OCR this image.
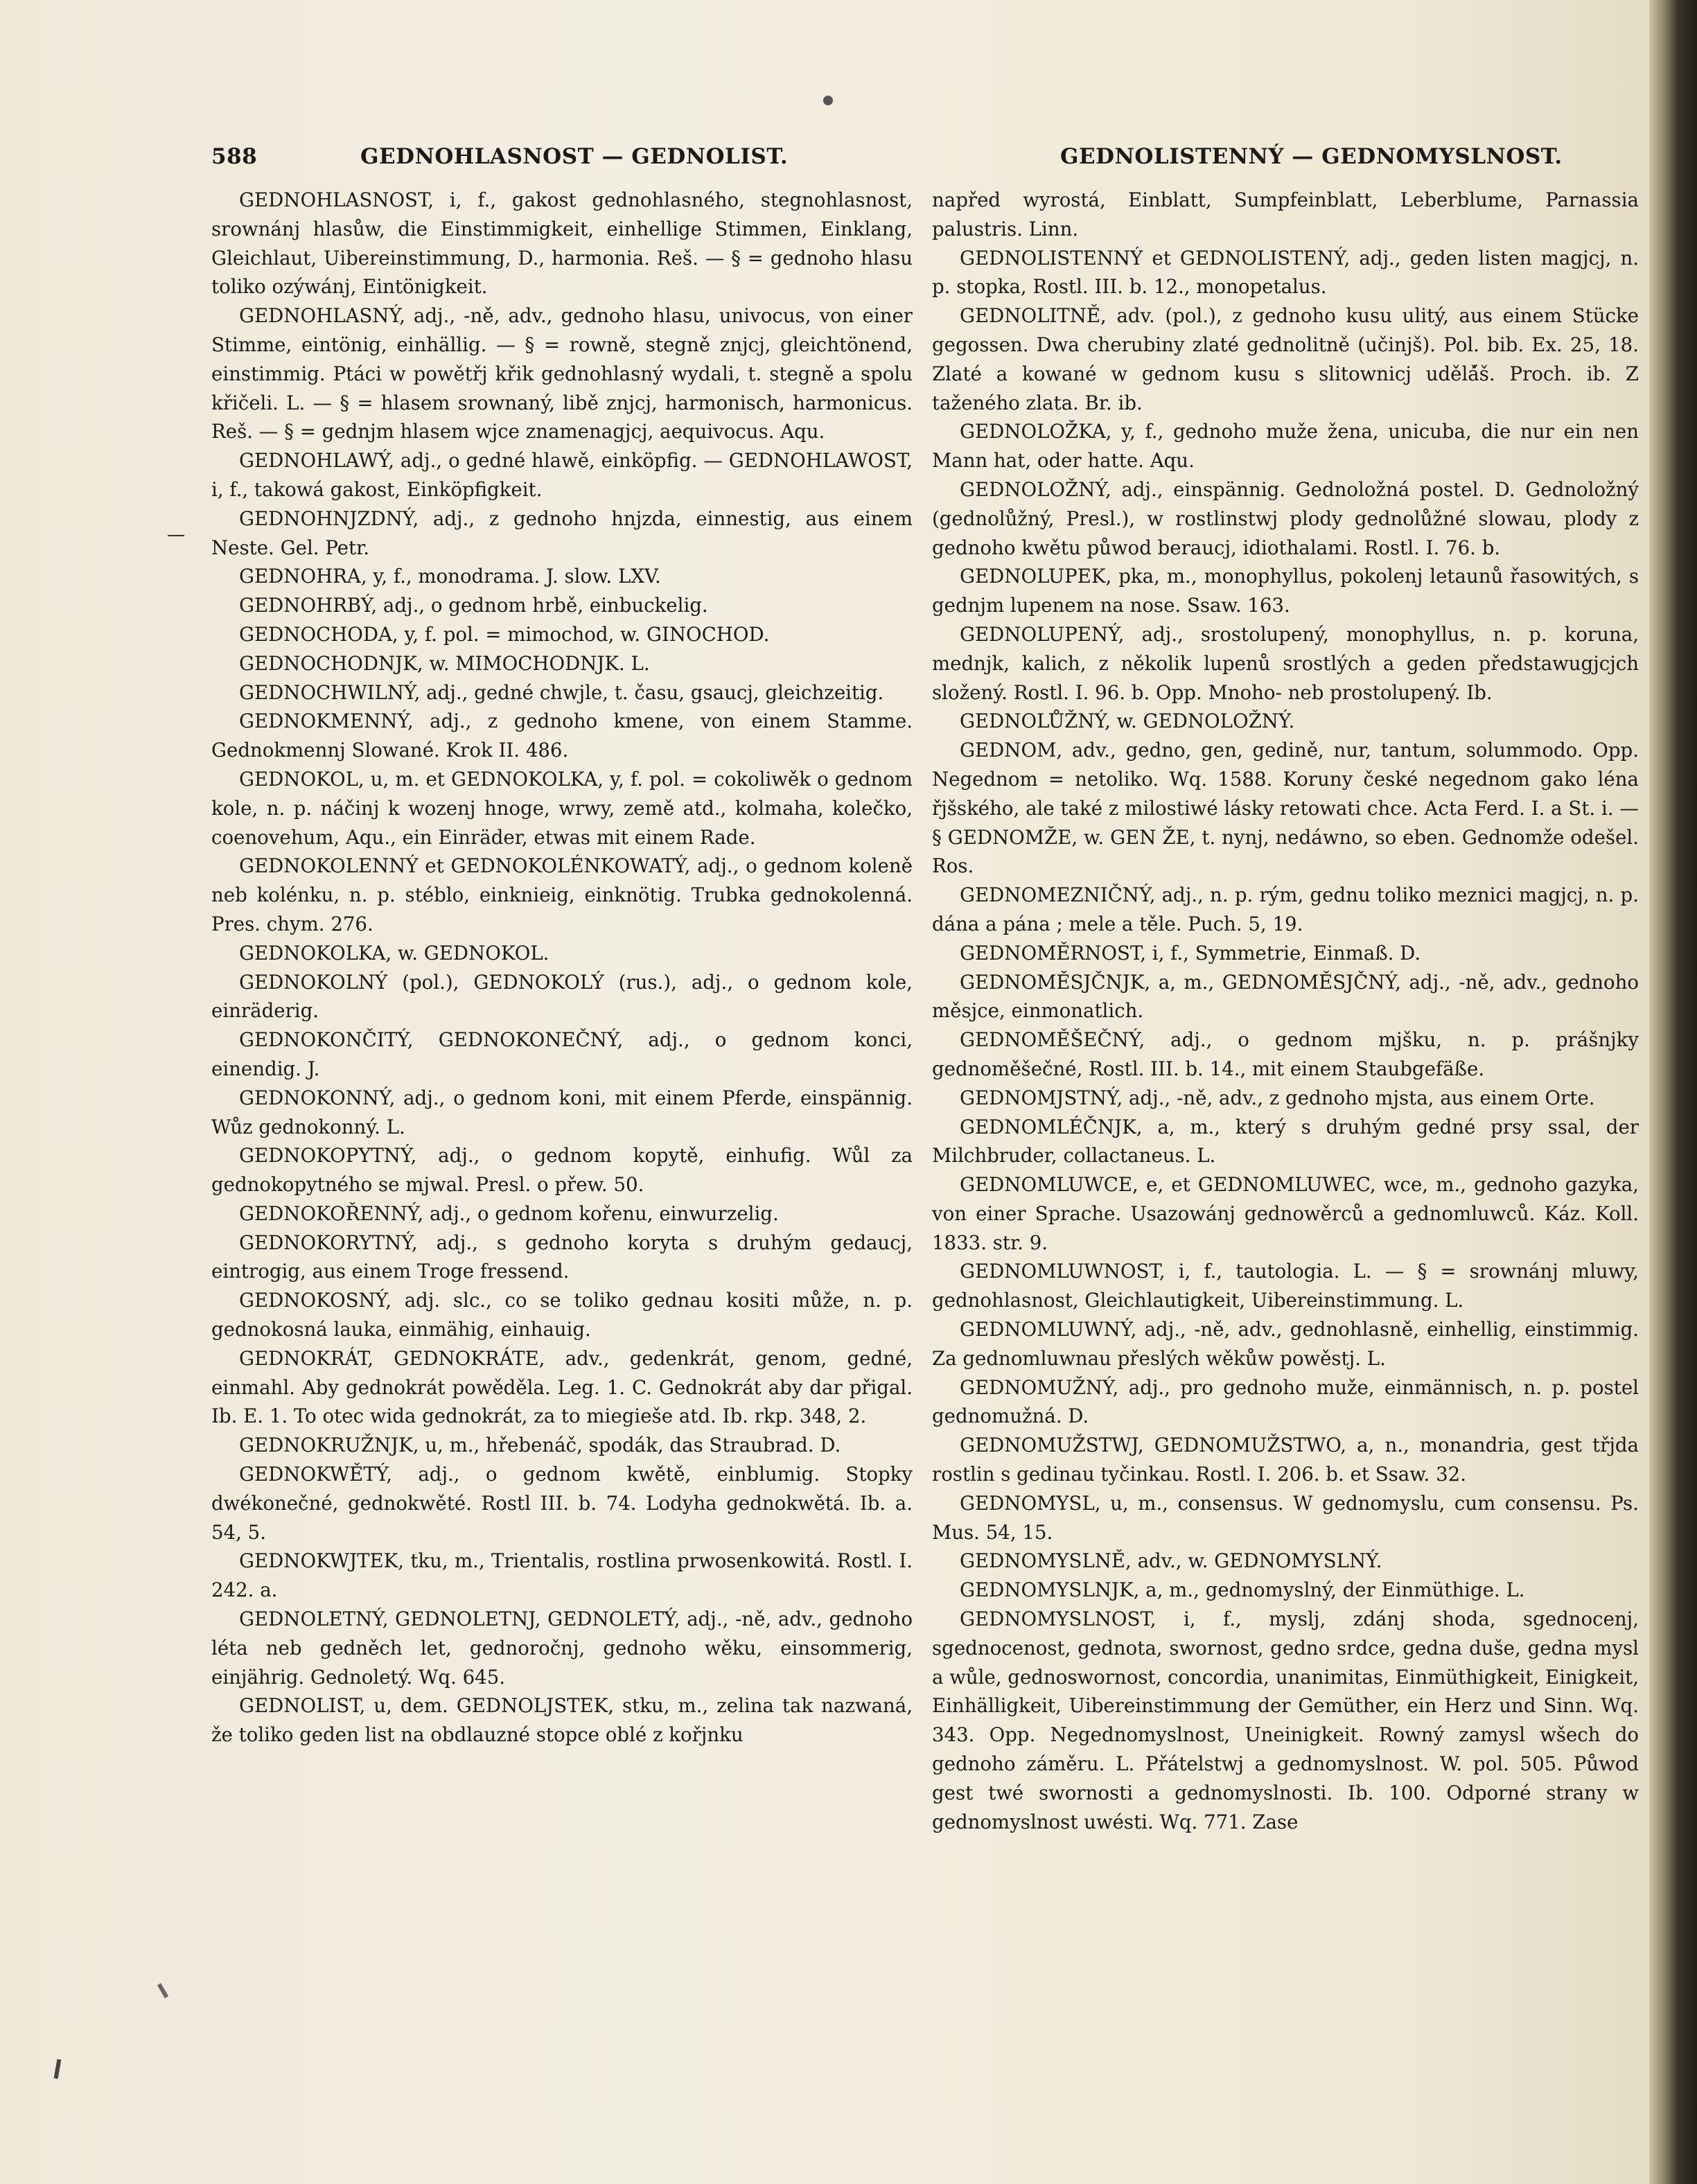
588	GEDNOHLASNOST — GEDNOLIST.	GEDNOLISTENNÝ — GEDNOMYSLNOST.

GEDNOHLASNOST, i, f., gakost gednohlasného, stegnohlasnost, srownánj hlasůw, die Einstimmigkeit, einhellige Stimmen, Einklang, Gleichlaut, Uibereinstimmung, D., harmonia. Reš. — § = gednoho hlasu toliko ozýwánj, Eintönigkeit.

GEDNOHLASNÝ, adj., -ně, adv., gednoho hlasu, univocus, von einer Stimme, eintönig, einhällig. — § = rowně, stegně znjcj, gleichtönend, einstimmig. Ptáci w powětřj křik gednohlasný wydali, t. stegně a spolu křičeli. L. — § = hlasem srownaný, libě znjcj, harmonisch, harmonicus. Reš. — § = gednjm hlasem wjce znamenagjcj, aequivocus. Aqu.

GEDNOHLAWÝ, adj., o gedné hlawě, einköpfig. — GEDNOHLAWOST, i, f., takowá gakost, Einköpfigkeit.

GEDNOHNJZDNÝ, adj., z gednoho hnjzda, einnestig, aus einem Neste. Gel. Petr.

GEDNOHRA, y, f., monodrama. J. slow. LXV.

GEDNOHRBÝ, adj., o gednom hrbě, einbuckelig.

GEDNOCHODA, y, f. pol. = mimochod, w. GINOCHOD.

GEDNOCHODNJK, w. MIMOCHODNJK. L.

GEDNOCHWILNÝ, adj., gedné chwjle, t. času, gsaucj, gleichzeitig.

GEDNOKMENNÝ, adj., z gednoho kmene, von einem Stamme. Gednokmennj Slowané. Krok II. 486.

GEDNOKOL, u, m. et GEDNOKOLKA, y, f. pol. = cokoliwěk o gednom kole, n. p. náčinj k wozenj hnoge, wrwy, země atd., kolmaha, kolečko, coenovehum, Aqu., ein Einräder, etwas mit einem Rade.

GEDNOKOLENNÝ et GEDNOKOLÉNKOWATÝ, adj., o gednom koleně neb kolénku, n. p. stéblo, einknieig, einknötig. Trubka gednokolenná. Pres. chym. 276.

GEDNOKOLKA, w. GEDNOKOL.

GEDNOKOLNÝ (pol.), GEDNOKOLÝ (rus.), adj., o gednom kole, einräderig.

GEDNOKONČITÝ, GEDNOKONEČNÝ, adj., o gednom konci, einendig. J.

GEDNOKONNÝ, adj., o gednom koni, mit einem Pferde, einspännig. Wůz gednokonný. L.

GEDNOKOPYTNÝ, adj., o gednom kopytě, einhufig. Wůl za gednokopytného se mjwal. Presl. o přew. 50.

GEDNOKOŘENNÝ, adj., o gednom kořenu, einwurzelig.

GEDNOKORYTNÝ, adj., s gednoho koryta s druhým gedaucj, eintrogig, aus einem Troge fressend.

GEDNOKOSNÝ, adj. slc., co se toliko gednau kositi může, n. p. gednokosná lauka, einmähig, einhauig.

GEDNOKRÁT, GEDNOKRÁTE, adv., gedenkrát, genom, gedné, einmahl. Aby gednokrát powěděla. Leg. 1. C. Gednokrát aby dar přigal. Ib. E. 1. To otec wida gednokrát, za to miegieše atd. Ib. rkp. 348, 2.

GEDNOKRUŽNJK, u, m., hřebenáč, spodák, das Straubrad. D.

GEDNOKWĚTÝ, adj., o gednom kwětě, einblumig. Stopky dwékonečné, gednokwěté. Rostl III. b. 74. Lodyha gednokwětá. Ib. a. 54, 5.

GEDNOKWJTEK, tku, m., Trientalis, rostlina prwosenkowitá. Rostl. I. 242. a.

GEDNOLETNÝ, GEDNOLETNJ, GEDNOLETÝ, adj., -ně, adv., gednoho léta neb gedněch let, gednoročnj, gednoho wěku, einsommerig, einjährig. Gednoletý. Wq. 645.

GEDNOLIST, u, dem. GEDNOLJSTEK, stku, m., zelina tak nazwaná, že toliko geden list na obdlauzné stopce oblé z kořjnku

napřed wyrostá, Einblatt, Sumpfeinblatt, Leberblume, Parnassia palustris. Linn.

GEDNOLISTENNÝ et GEDNOLISTENÝ, adj., geden listen magjcj, n. p. stopka, Rostl. III. b. 12., monopetalus.

GEDNOLITNĚ, adv. (pol.), z gednoho kusu ulitý, aus einem Stücke gegossen. Dwa cherubiny zlaté gednolitně (učinjš). Pol. bib. Ex. 25, 18. Zlaté a kowané w gednom kusu s slitownicj udělá̌š. Proch. ib. Z taženého zlata. Br. ib.

GEDNOLOŽKA, y, f., gednoho muže žena, unicuba, die nur ein nen Mann hat, oder hatte. Aqu.

GEDNOLOŽNÝ, adj., einspännig. Gednoložná postel. D. Gednoložný (gednolůžný, Presl.), w rostlinstwj plody gednolůžné slowau, plody z gednoho kwětu půwod beraucj, idiothalami. Rostl. I. 76. b.

GEDNOLUPEK, pka, m., monophyllus, pokolenj letaunů řasowitých, s gednjm lupenem na nose. Ssaw. 163.

GEDNOLUPENÝ, adj., srostolupený, monophyllus, n. p. koruna, mednjk, kalich, z několik lupenů srostlých a geden předstawugjcjch složený. Rostl. I. 96. b. Opp. Mnoho- neb prostolupený. Ib.

GEDNOLŮŽNÝ, w. GEDNOLOŽNÝ.

GEDNOM, adv., gedno, gen, gedině, nur, tantum, solummodo. Opp. Negednom = netoliko. Wq. 1588. Koruny české negednom gako léna řjšského, ale také z milostiwé lásky retowati chce. Acta Ferd. I. a St. i. — § GEDNOMŽE, w. GEN ŽE, t. nynj, nedáwno, so eben. Gednomže odešel. Ros.

GEDNOMEZNIČNÝ, adj., n. p. rým, gednu toliko meznici magjcj, n. p. dána a pána ; mele a těle. Puch. 5, 19.

GEDNOMĚRNOST, i, f., Symmetrie, Einmaß. D.

GEDNOMĚSJČNJK, a, m., GEDNOMĚSJČNÝ, adj., -ně, adv., gednoho měsjce, einmonatlich.

GEDNOMĚŠEČNÝ, adj., o gednom mjšku, n. p. prášnjky gednoměšečné, Rostl. III. b. 14., mit einem Staubgefäße.

GEDNOMJSTNÝ, adj., -ně, adv., z gednoho mjsta, aus einem Orte.

GEDNOMLÉČNJK, a, m., který s druhým gedné prsy ssal, der Milchbruder, collactaneus. L.

GEDNOMLUWCE, e, et GEDNOMLUWEC, wce, m., gednoho gazyka, von einer Sprache. Usazowánj gednowěrců a gednomluwců. Káz. Koll. 1833. str. 9.

GEDNOMLUWNOST, i, f., tautologia. L. — § = srownánj mluwy, gednohlasnost, Gleichlautigkeit, Uibereinstimmung. L.

GEDNOMLUWNÝ, adj., -ně, adv., gednohlasně, einhellig, einstimmig. Za gednomluwnau přeslých wěkůw powěstj. L.

GEDNOMUŽNÝ, adj., pro gednoho muže, einmännisch, n. p. postel gednomužná. D.

GEDNOMUŽSTWJ, GEDNOMUŽSTWO, a, n., monandria, gest třjda rostlin s gedinau tyčinkau. Rostl. I. 206. b. et Ssaw. 32.

GEDNOMYSL, u, m., consensus. W gednomyslu, cum consensu. Ps. Mus. 54, 15.

GEDNOMYSLNĚ, adv., w. GEDNOMYSLNÝ.

GEDNOMYSLNJK, a, m., gednomyslný, der Einmüthige. L.

GEDNOMYSLNOST, i, f., myslj, zdánj shoda, sgednocenj, sgednocenost, gednota, swornost, gedno srdce, gedna duše, gedna mysl a wůle, gednoswornost, concordia, unanimitas, Einmüthigkeit, Einigkeit, Einhälligkeit, Uibereinstimmung der Gemüther, ein Herz und Sinn. Wq. 343. Opp. Negednomyslnost, Uneinigkeit. Rowný zamysl wšech do gednoho záměru. L. Přátelstwj a gednomyslnost. W. pol. 505. Půwod gest twé swornosti a gednomyslnosti. Ib. 100. Odporné strany w gednomyslnost uwésti. Wq. 771. Zase
